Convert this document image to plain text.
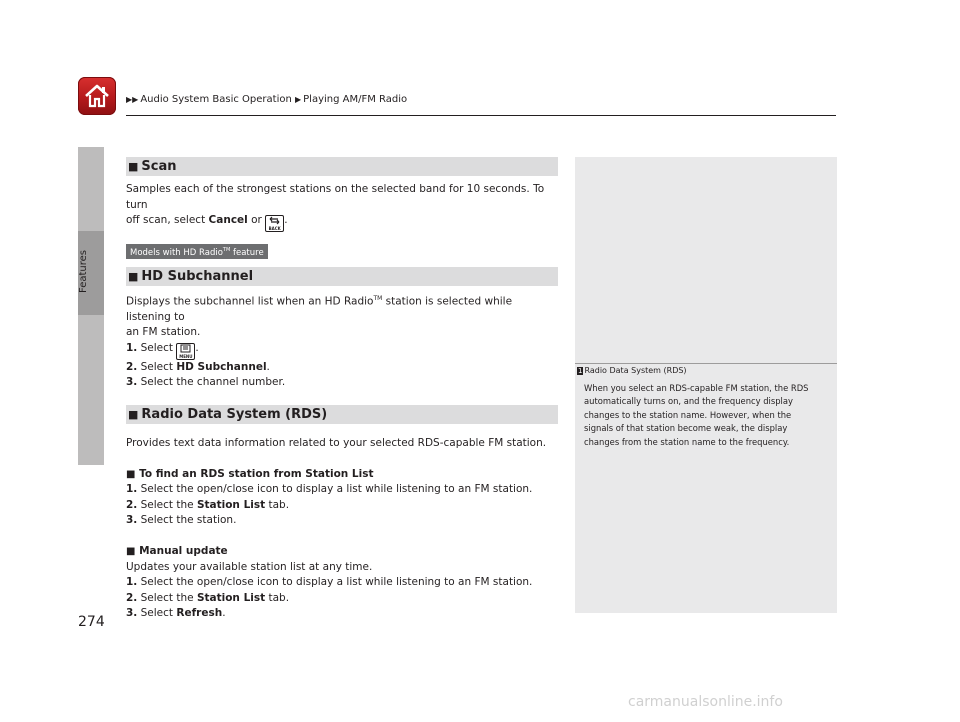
▶▶ Audio System Basic Operation ▶ Playing AM/FM Radio
Features
274
■ Scan

Samples each of the strongest stations on the selected band for 10 seconds. To turn
off scan, select Cancel or
BACK
.

Models with HD Radio™ feature
■ HD Subchannel

Displays the subchannel list when an HD Radio™ station is selected while listening to
an FM station.
1. Select
MENU
.
2. Select HD Subchannel.
3. Select the channel number.

■ Radio Data System (RDS)

Provides text data information related to your selected RDS-capable FM station.

■ To find an RDS station from Station List
1. Select the open/close icon to display a list while listening to an FM station.
2. Select the Station List tab.
3. Select the station.

■ Manual update
Updates your available station list at any time.
1. Select the open/close icon to display a list while listening to an FM station.
2. Select the Station List tab.
3. Select Refresh.

1 Radio Data System (RDS)
When you select an RDS-capable FM station, the RDS
automatically turns on, and the frequency display
changes to the station name. However, when the
signals of that station become weak, the display
changes from the station name to the frequency.
carmanualsonline.info
